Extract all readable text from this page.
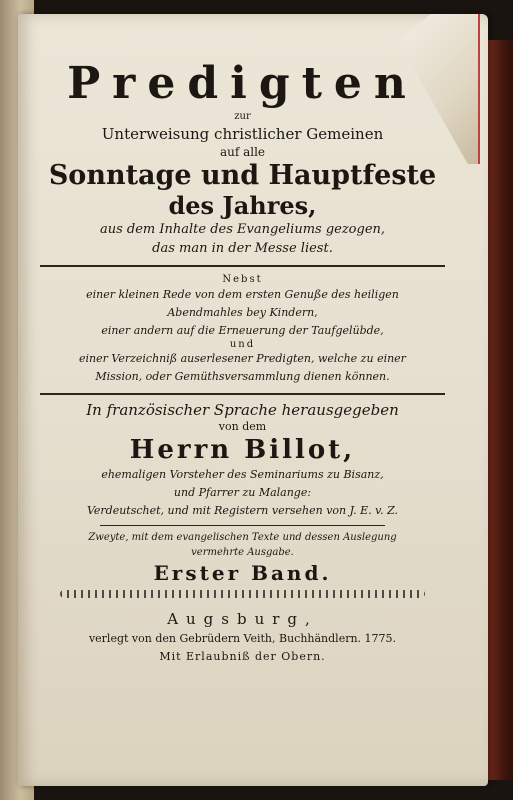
Predigten

zur

Unterweisung christlicher Gemeinen

auf alle

Sonntage und Hauptfeste

des Jahres,

aus dem Inhalte des Evangeliums gezogen,

das man in der Messe liest.

Nebst

einer kleinen Rede von dem ersten Genuße des heiligen

Abendmahles bey Kindern,

einer andern auf die Erneuerung der Taufgelübde,

und

einer Verzeichniß auserlesener Predigten, welche zu einer

Mission, oder Gemüthsversammlung dienen können.

In französischer Sprache herausgegeben

von dem

Herrn Billot,

ehemaligen Vorsteher des Seminariums zu Bisanz,

und Pfarrer zu Malange:

Verdeutschet, und mit Registern versehen von J. E. v. Z.

Zweyte, mit dem evangelischen Texte und dessen Auslegung

vermehrte Ausgabe.

Erster Band.

Augsburg,

verlegt von den Gebrüdern Veith, Buchhändlern. 1775.

Mit Erlaubniß der Obern.
